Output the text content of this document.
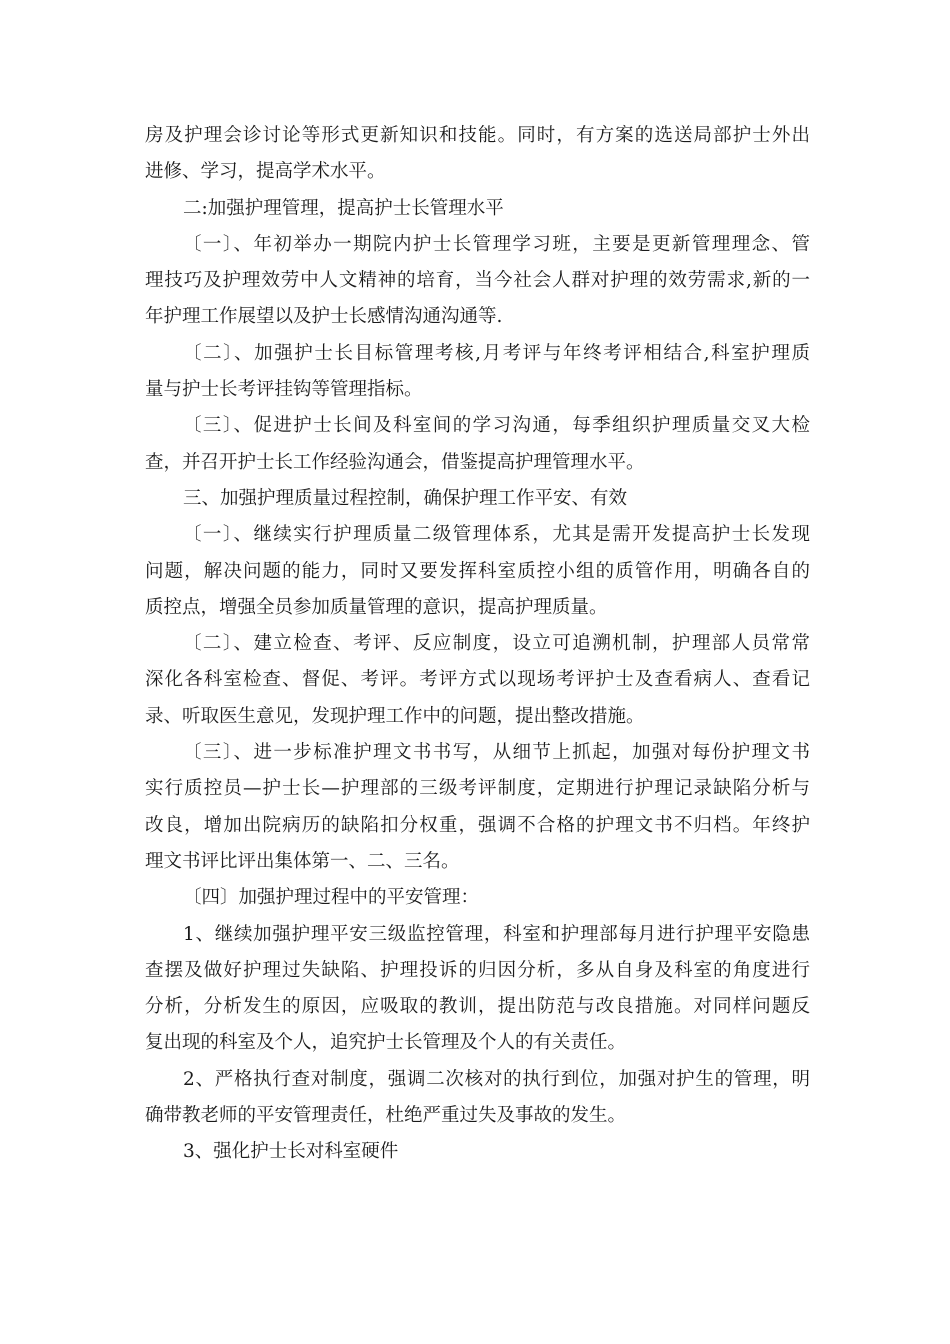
房及护理会诊讨论等形式更新知识和技能。同时，有方案的选送局部护士外出
进修、学习，提高学术水平。
二:加强护理管理，提高护士长管理水平
〔一〕、年初举办一期院内护士长管理学习班，主要是更新管理理念、管
理技巧及护理效劳中人文精神的培育，当今社会人群对护理的效劳需求,新的一
年护理工作展望以及护士长感情沟通沟通等.
〔二〕、加强护士长目标管理考核,月考评与年终考评相结合,科室护理质
量与护士长考评挂钩等管理指标。
〔三〕、促进护士长间及科室间的学习沟通，每季组织护理质量交叉大检
查，并召开护士长工作经验沟通会，借鉴提高护理管理水平。
三、加强护理质量过程控制，确保护理工作平安、有效
〔一〕、继续实行护理质量二级管理体系，尤其是需开发提高护士长发现
问题，解决问题的能力，同时又要发挥科室质控小组的质管作用，明确各自的
质控点，增强全员参加质量管理的意识，提高护理质量。
〔二〕、建立检查、考评、反应制度，设立可追溯机制，护理部人员常常
深化各科室检查、督促、考评。考评方式以现场考评护士及查看病人、查看记
录、听取医生意见，发现护理工作中的问题，提出整改措施。
〔三〕、进一步标准护理文书书写，从细节上抓起，加强对每份护理文书
实行质控员—护士长—护理部的三级考评制度，定期进行护理记录缺陷分析与
改良，增加出院病历的缺陷扣分权重，强调不合格的护理文书不归档。年终护
理文书评比评出集体第一、二、三名。
〔四〕加强护理过程中的平安管理：
1、继续加强护理平安三级监控管理，科室和护理部每月进行护理平安隐患
查摆及做好护理过失缺陷、护理投诉的归因分析，多从自身及科室的角度进行
分析，分析发生的原因，应吸取的教训，提出防范与改良措施。对同样问题反
复出现的科室及个人，追究护士长管理及个人的有关责任。
2、严格执行查对制度，强调二次核对的执行到位，加强对护生的管理，明
确带教老师的平安管理责任，杜绝严重过失及事故的发生。
3、强化护士长对科室硬件
